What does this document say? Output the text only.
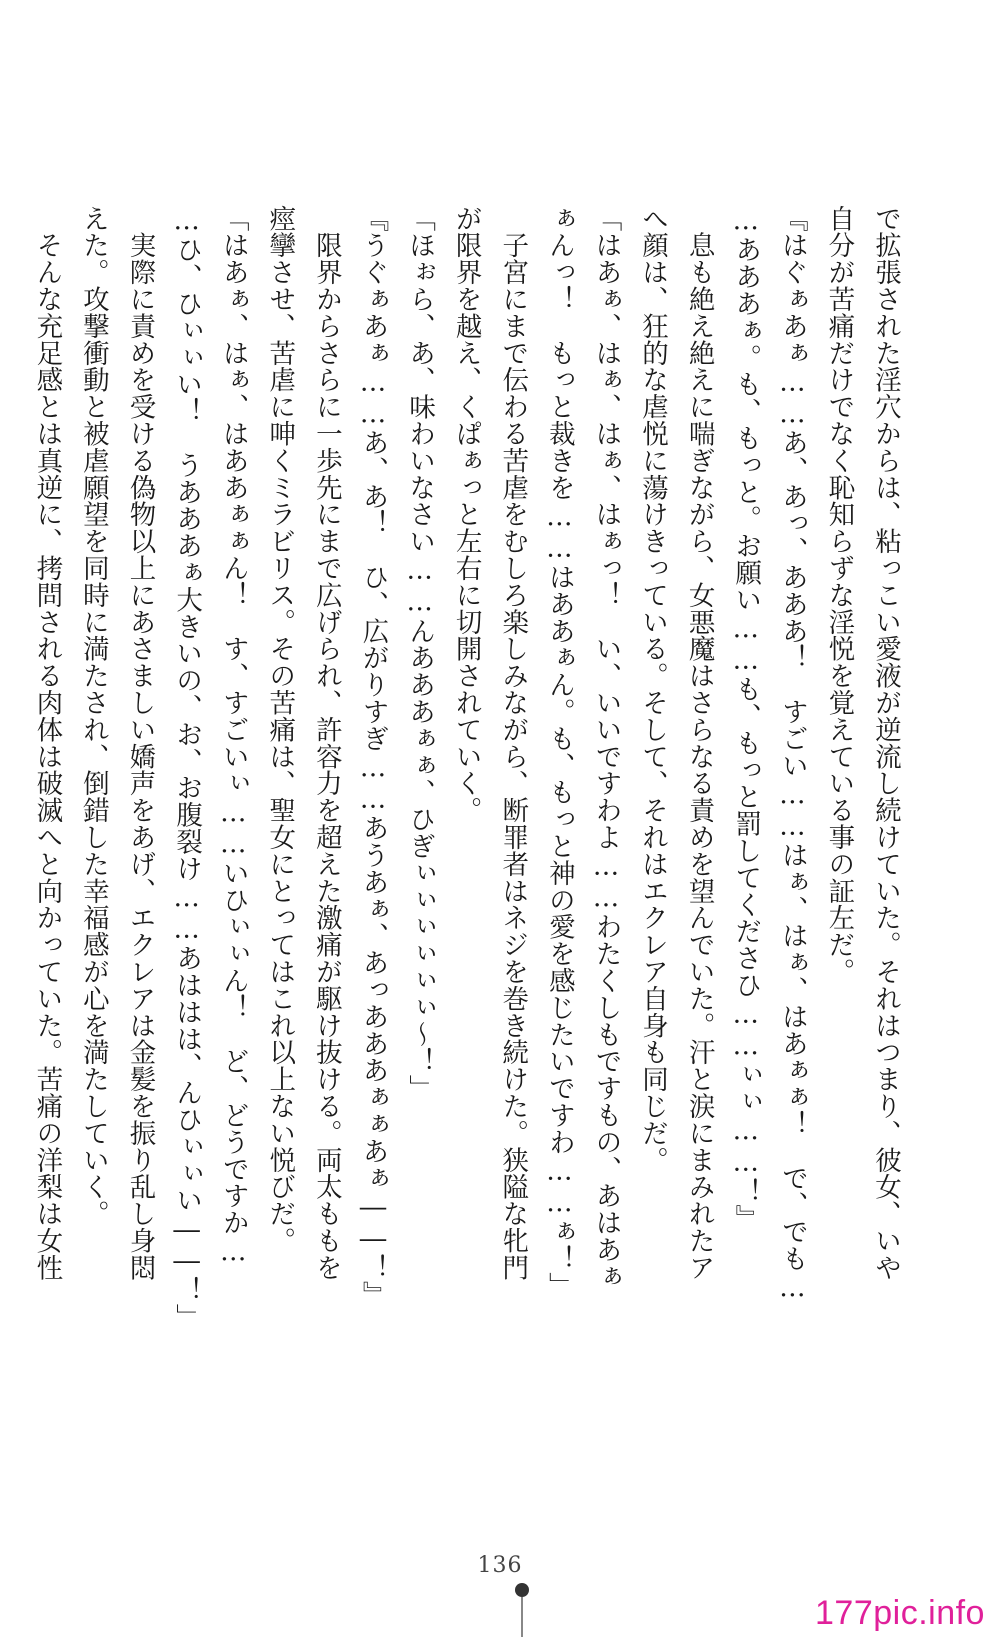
で拡張された淫穴からは、粘っこい愛液が逆流し続けていた。それはつまり、彼女、いや

自分が苦痛だけでなく恥知らずな淫悦を覚えている事の証左だ。

『はぐぁあぁ……あ、あっ、あああ！　すごい……はぁ、はぁ、はあぁぁ！　で、でも…

…あああぁ。も、もっと。お願い……も、もっと罰してくださひ……ぃぃ……！』

　息も絶え絶えに喘ぎながら、女悪魔はさらなる責めを望んでいた。汗と涙にまみれたア

へ顔は、狂的な虐悦に蕩けきっている。そして、それはエクレア自身も同じだ。

「はあぁ、はぁ、はぁ、はぁっ！　い、いいですわよ……わたくしもですもの、あはあぁ

ぁんっ！　もっと裁きを……はああぁん。も、もっと神の愛を感じたいですわ……ぁ！」

　子宮にまで伝わる苦虐をむしろ楽しみながら、断罪者はネジを巻き続けた。狭隘な牝門

が限界を越え、くぱぁっと左右に切開されていく。

「ほぉら、あ、味わいなさい……んあああぁぁ、ひぎぃぃぃぃぃぃ〜！」

『うぐぁあぁ……あ、あ！　ひ、広がりすぎ……あうあぁ、あっあああぁぁあぁ――！』

　限界からさらに一歩先にまで広げられ、許容力を超えた激痛が駆け抜ける。両太ももを

痙攣させ、苦虐に呻くミラビリス。その苦痛は、聖女にとってはこれ以上ない悦びだ。

「はあぁ、はぁ、はああぁぁん！　す、すごいぃ……いひぃぃん！　ど、どうですか…

…ひ、ひぃぃい！　うあああぁ大きいの、お、お腹裂け……あははは、んひぃぃい――！」

　実際に責めを受ける偽物以上にあさましい嬌声をあげ、エクレアは金髪を振り乱し身悶

えた。攻撃衝動と被虐願望を同時に満たされ、倒錯した幸福感が心を満たしていく。

　そんな充足感とは真逆に、拷問される肉体は破滅へと向かっていた。苦痛の洋梨は女性

136
177pic.info
